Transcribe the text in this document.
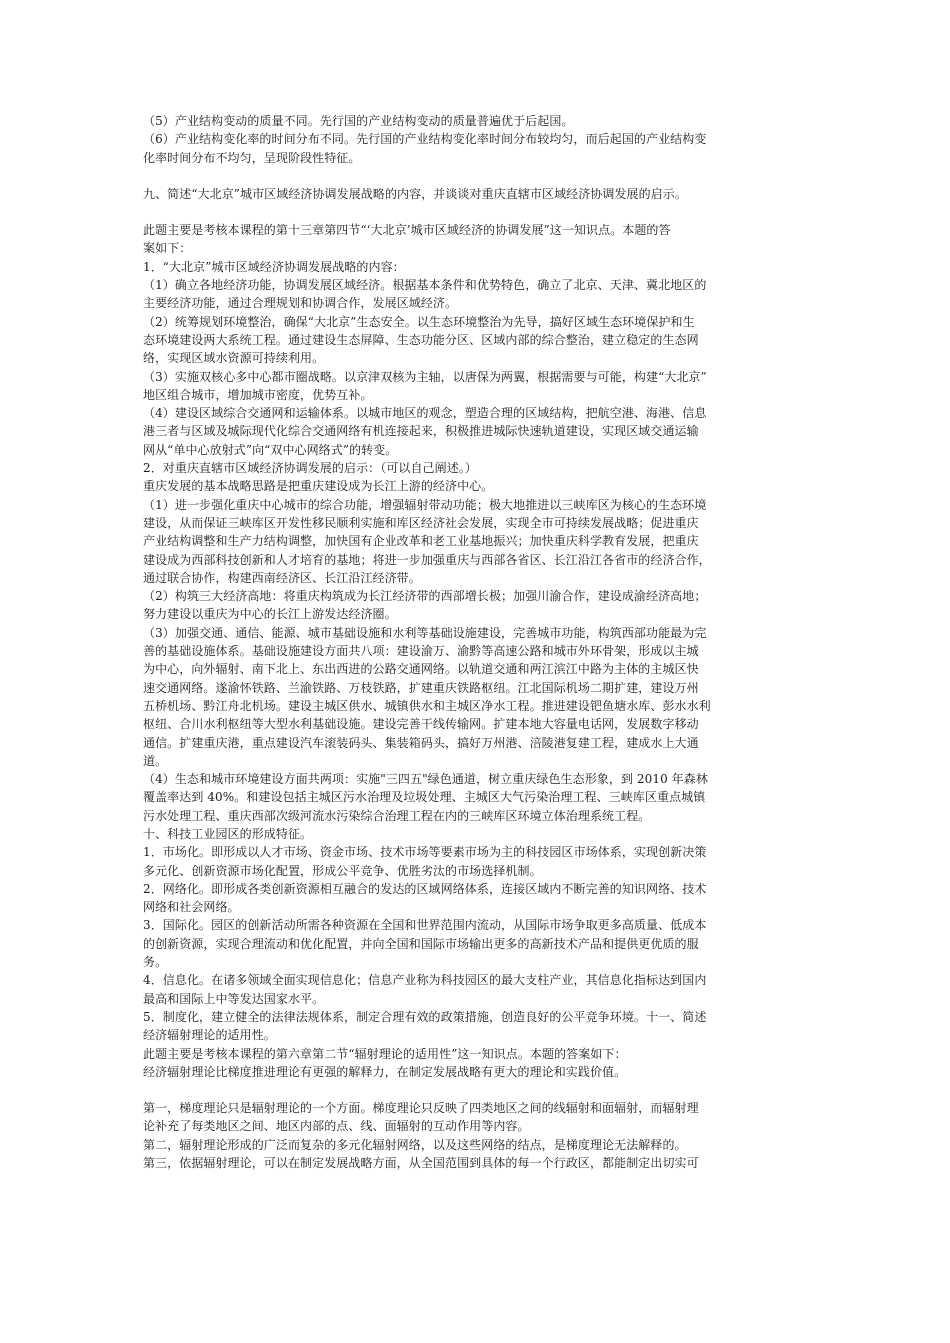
（5）产业结构变动的质量不同。先行国的产业结构变动的质量普遍优于后起国。
（6）产业结构变化率的时间分布不同。先行国的产业结构变化率时间分布较均匀，而后起国的产业结构变
化率时间分布不均匀，呈现阶段性特征。
九、简述“大北京”城市区域经济协调发展战略的内容，并谈谈对重庆直辖市区域经济协调发展的启示。
此题主要是考核本课程的第十三章第四节“‘大北京’城市区域经济的协调发展”这一知识点。本题的答
案如下：
1．“大北京”城市区域经济协调发展战略的内容：
（1）确立各地经济功能，协调发展区域经济。根据基本条件和优势特色，确立了北京、天津、冀北地区的
主要经济功能，通过合理规划和协调合作，发展区域经济。
（2）统筹规划环境整治，确保“大北京”生态安全。以生态环境整治为先导，搞好区域生态环境保护和生
态环境建设两大系统工程。通过建设生态屏障、生态功能分区、区域内部的综合整治，建立稳定的生态网
络，实现区域水资源可持续利用。
（3）实施双核心多中心都市圈战略。以京津双核为主轴，以唐保为两翼，根据需要与可能，构建“大北京”
地区组合城市，增加城市密度，优势互补。
（4）建设区域综合交通网和运输体系。以城市地区的观念，塑造合理的区域结构，把航空港、海港、信息
港三者与区域及城际现代化综合交通网络有机连接起来，积极推进城际快速轨道建设，实现区域交通运输
网从“单中心放射式”向“双中心网络式”的转变。
2．对重庆直辖市区域经济协调发展的启示：（可以自己阐述。）
重庆发展的基本战略思路是把重庆建设成为长江上游的经济中心。
（1）进一步强化重庆中心城市的综合功能，增强辐射带动功能；极大地推进以三峡库区为核心的生态环境
建设，从而保证三峡库区开发性移民顺利实施和库区经济社会发展，实现全市可持续发展战略；促进重庆
产业结构调整和生产力结构调整，加快国有企业改革和老工业基地振兴；加快重庆科学教育发展，把重庆
建设成为西部科技创新和人才培育的基地；将进一步加强重庆与西部各省区、长江沿江各省市的经济合作，
通过联合协作，构建西南经济区、长江沿江经济带。
（2）构筑三大经济高地：将重庆构筑成为长江经济带的西部增长极；加强川渝合作，建设成渝经济高地；
努力建设以重庆为中心的长江上游发达经济圈。
（3）加强交通、通信、能源、城市基础设施和水利等基础设施建设，完善城市功能，构筑西部功能最为完
善的基础设施体系。基础设施建设方面共八项：建设渝万、渝黔等高速公路和城市外环骨架，形成以主城
为中心，向外辐射、南下北上、东出西进的公路交通网络。以轨道交通和两江滨江中路为主体的主城区快
速交通网络。遂渝怀铁路、兰渝铁路、万枝铁路，扩建重庆铁路枢纽。江北国际机场二期扩建，建设万州
五桥机场、黔江舟北机场。建设主城区供水、城镇供水和主城区净水工程。推进建设钯鱼塘水库、彭水水利
枢纽、合川水利枢纽等大型水利基础设施。建设完善干线传输网。扩建本地大容量电话网，发展数字移动
通信。扩建重庆港，重点建设汽车滚装码头、集装箱码头，搞好万州港、涪陵港复建工程，建成水上大通
道。
（4）生态和城市环境建设方面共两项：实施"三四五"绿色通道，树立重庆绿色生态形象，到 2010 年森林
覆盖率达到 40%。和建设包括主城区污水治理及垃圾处理、主城区大气污染治理工程、三峡库区重点城镇
污水处理工程、重庆西部次级河流水污染综合治理工程在内的三峡库区环境立体治理系统工程。
十、科技工业园区的形成特征。
1．市场化。即形成以人才市场、资金市场、技术市场等要素市场为主的科技园区市场体系，实现创新决策
多元化、创新资源市场化配置，形成公平竞争、优胜劣汰的市场选择机制。
2．网络化。即形成各类创新资源相互融合的发达的区域网络体系，连接区域内不断完善的知识网络、技术
网络和社会网络。
3．国际化。园区的创新活动所需各种资源在全国和世界范围内流动，从国际市场争取更多高质量、低成本
的创新资源，实现合理流动和优化配置，并向全国和国际市场输出更多的高新技术产品和提供更优质的服
务。
4．信息化。在诸多领域全面实现信息化；信息产业称为科技园区的最大支柱产业，其信息化指标达到国内
最高和国际上中等发达国家水平。
5．制度化，建立健全的法律法规体系，制定合理有效的政策措施，创造良好的公平竞争环境。十一、简述
经济辐射理论的适用性。
此题主要是考核本课程的第六章第二节“辐射理论的适用性”这一知识点。本题的答案如下：
经济辐射理论比梯度推进理论有更强的解释力，在制定发展战略有更大的理论和实践价值。
第一，梯度理论只是辐射理论的一个方面。梯度理论只反映了四类地区之间的线辐射和面辐射，而辐射理
论补充了每类地区之间、地区内部的点、线、面辐射的互动作用等内容。
第二，辐射理论形成的广泛而复杂的多元化辐射网络，以及这些网络的结点，是梯度理论无法解释的。
第三，依据辐射理论，可以在制定发展战略方面，从全国范围到具体的每一个行政区，都能制定出切实可
